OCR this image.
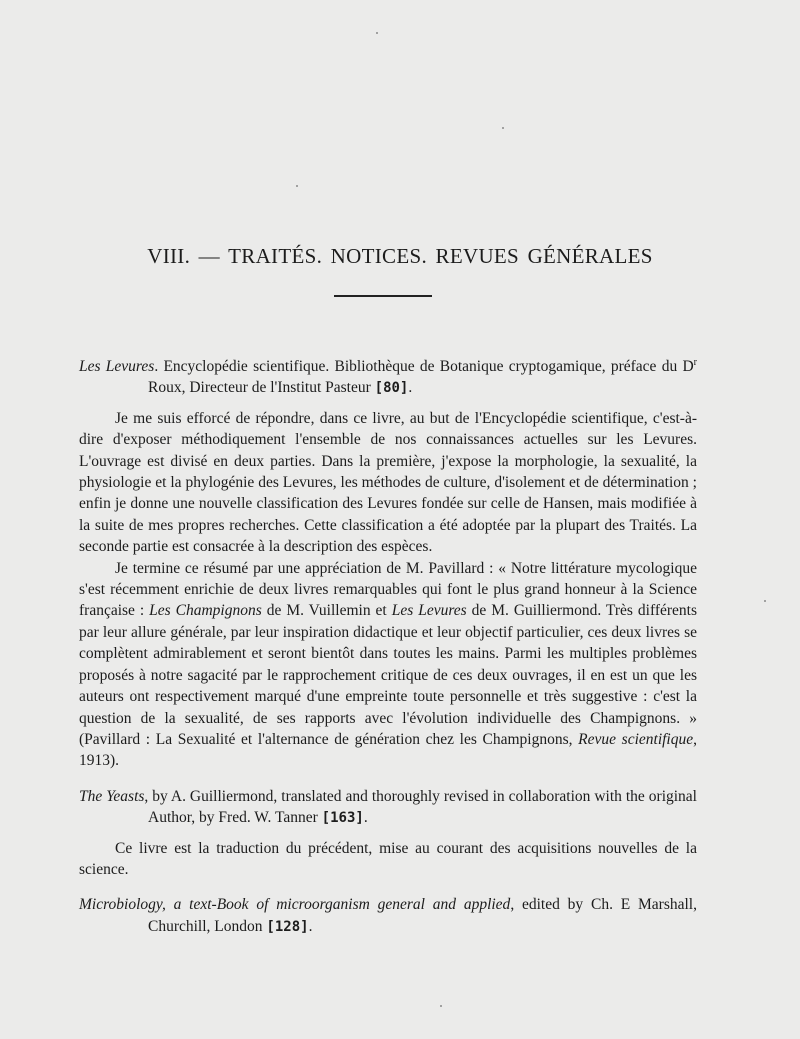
VIII. — TRAITÉS. NOTICES. REVUES GÉNÉRALES

Les Levures. Encyclopédie scientifique. Bibliothèque de Botanique cryptogamique, préface du $D^r$ Roux, Directeur de l'Institut Pasteur [80].

Je me suis efforcé de répondre, dans ce livre, au but de l'Encyclopédie scientifique, c'est-à-dire d'exposer méthodiquement l'ensemble de nos connaissances actuelles sur les Levures. L'ouvrage est divisé en deux parties. Dans la première, j'expose la morphologie, la sexualité, la physiologie et la phylogénie des Levures, les méthodes de culture, d'isolement et de détermination ; enfin je donne une nouvelle classification des Levures fondée sur celle de Hansen, mais modifiée à la suite de mes propres recherches. Cette classification a été adoptée par la plupart des Traités. La seconde partie est consacrée à la description des espèces.

Je termine ce résumé par une appréciation de M. Pavillard : « Notre littérature mycologique s'est récemment enrichie de deux livres remarquables qui font le plus grand honneur à la Science française : Les Champignons de M. Vuillemin et Les Levures de M. Guilliermond. Très différents par leur allure générale, par leur inspiration didactique et leur objectif particulier, ces deux livres se complètent admirablement et seront bientôt dans toutes les mains. Parmi les multiples problèmes proposés à notre sagacité par le rapprochement critique de ces deux ouvrages, il en est un que les auteurs ont respectivement marqué d'une empreinte toute personnelle et très suggestive : c'est la question de la sexualité, de ses rapports avec l'évolution individuelle des Champignons. » (Pavillard : La Sexualité et l'alternance de génération chez les Champignons, Revue scientifique, 1913).

The Yeasts, by A. Guilliermond, translated and thoroughly revised in collaboration with the original Author, by Fred. W. Tanner [163].

Ce livre est la traduction du précédent, mise au courant des acquisitions nouvelles de la science.

Microbiology, a text-Book of microorganism general and applied, edited by Ch. E Marshall, Churchill, London [128].
